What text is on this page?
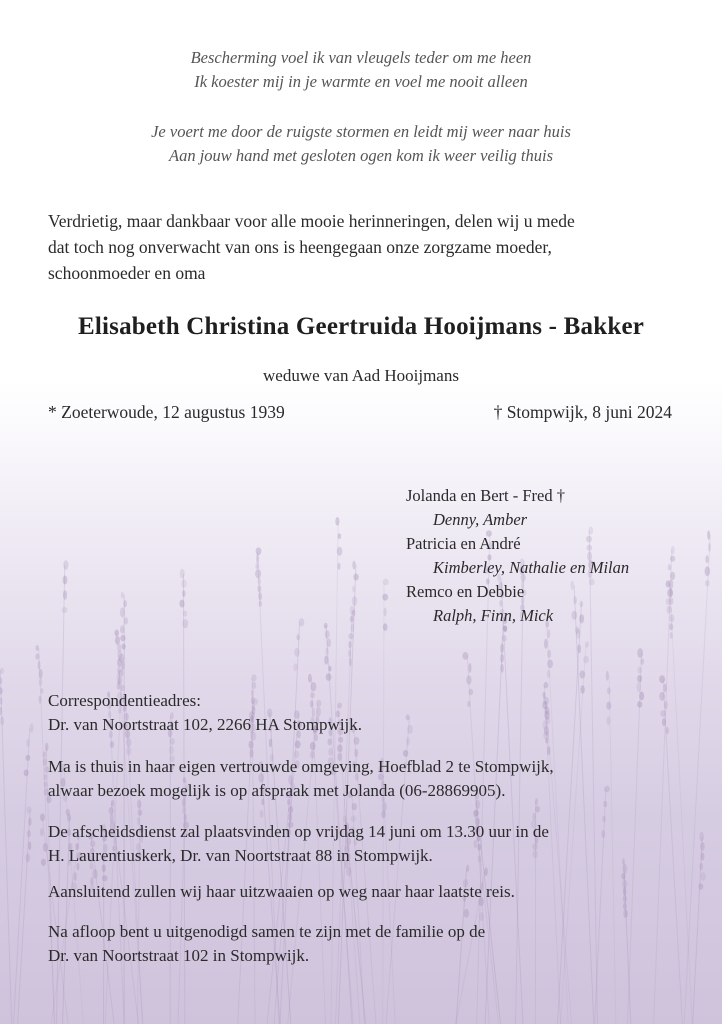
Bescherming voel ik van vleugels teder om me heen
Ik koester mij in je warmte en voel me nooit alleen

Je voert me door de ruigste stormen en leidt mij weer naar huis
Aan jouw hand met gesloten ogen kom ik weer veilig thuis

Verdrietig, maar dankbaar voor alle mooie herinneringen, delen wij u mede
dat toch nog onverwacht van ons is heengegaan onze zorgzame moeder,
schoonmoeder en oma

Elisabeth Christina Geertruida Hooijmans - Bakker

weduwe van Aad Hooijmans

* Zoeterwoude, 12 augustus 1939	† Stompwijk, 8 juni 2024
Jolanda en Bert - Fred †
Denny, Amber
Patricia en André
Kimberley, Nathalie en Milan
Remco en Debbie
Ralph, Finn, Mick

Correspondentieadres:
Dr. van Noortstraat 102, 2266 HA Stompwijk.

Ma is thuis in haar eigen vertrouwde omgeving, Hoefblad 2 te Stompwijk,
alwaar bezoek mogelijk is op afspraak met Jolanda (06-28869905).

De afscheidsdienst zal plaatsvinden op vrijdag 14 juni om 13.30 uur in de
H. Laurentiuskerk, Dr. van Noortstraat 88 in Stompwijk.

Aansluitend zullen wij haar uitzwaaien op weg naar haar laatste reis.

Na afloop bent u uitgenodigd samen te zijn met de familie op de
Dr. van Noortstraat 102 in Stompwijk.
